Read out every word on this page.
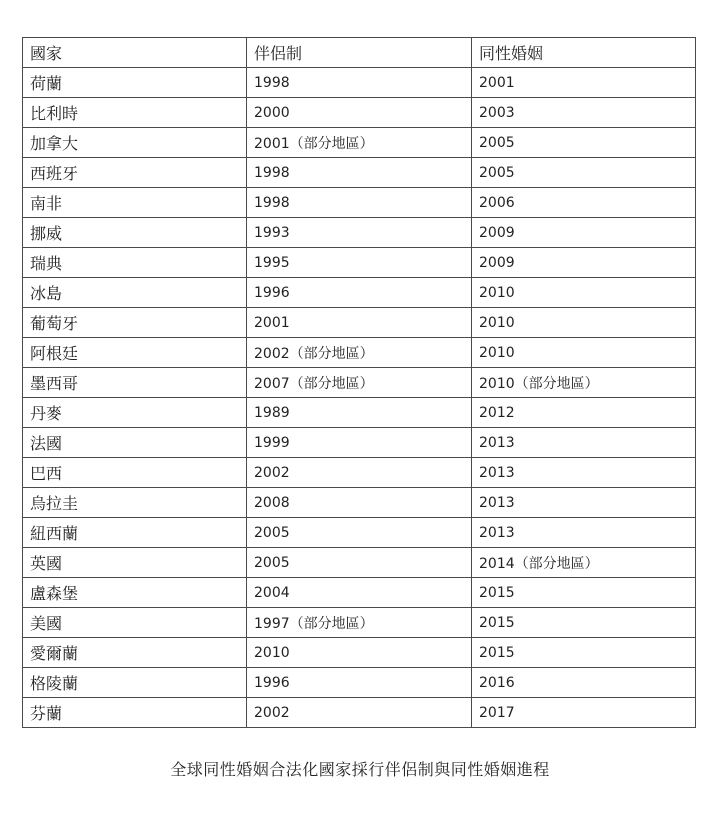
國家	伴侶制	同性婚姻
荷蘭	1998	2001
比利時	2000	2003
加拿大	2001（部分地區）	2005
西班牙	1998	2005
南非	1998	2006
挪威	1993	2009
瑞典	1995	2009
冰島	1996	2010
葡萄牙	2001	2010
阿根廷	2002（部分地區）	2010
墨西哥	2007（部分地區）	2010（部分地區）
丹麥	1989	2012
法國	1999	2013
巴西	2002	2013
烏拉圭	2008	2013
紐西蘭	2005	2013
英國	2005	2014（部分地區）
盧森堡	2004	2015
美國	1997（部分地區）	2015
愛爾蘭	2010	2015
格陵蘭	1996	2016
芬蘭	2002	2017
全球同性婚姻合法化國家採行伴侶制與同性婚姻進程
